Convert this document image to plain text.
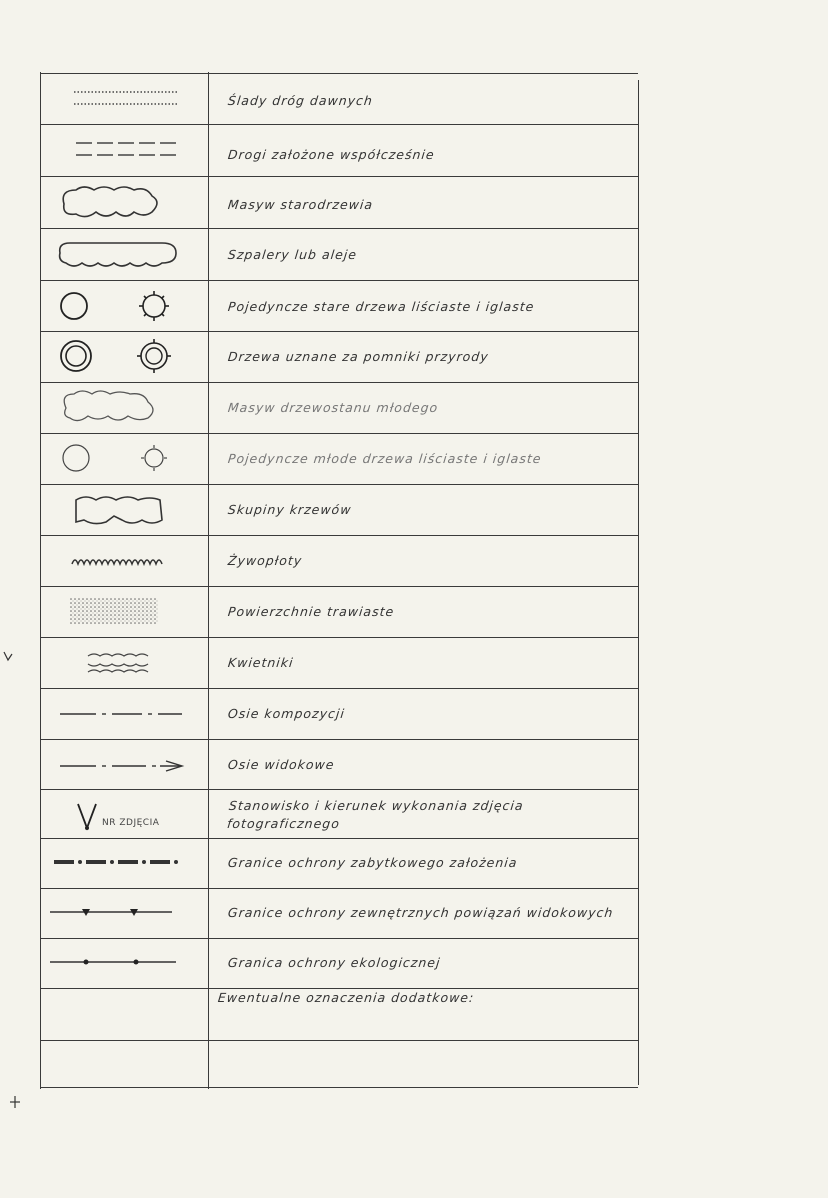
Ślady dróg dawnych
Drogi założone współcześnie
Masyw starodrzewia
Szpalery lub aleje
Pojedyncze stare drzewa liściaste i iglaste
Drzewa uznane za pomniki przyrody
Masyw drzewostanu młodego
Pojedyncze młode drzewa liściaste i iglaste
Skupiny krzewów
Żywopłoty
Powierzchnie trawiaste
Kwietniki
Osie kompozycji
Osie widokowe
Stanowisko i kierunek wykonania zdjęcia fotograficznego
Granice ochrony zabytkowego założenia
Granice ochrony zewnętrznych powiązań widokowych
Granica ochrony ekologicznej
Ewentualne oznaczenia dodatkowe:
NR ZDJĘCIA
